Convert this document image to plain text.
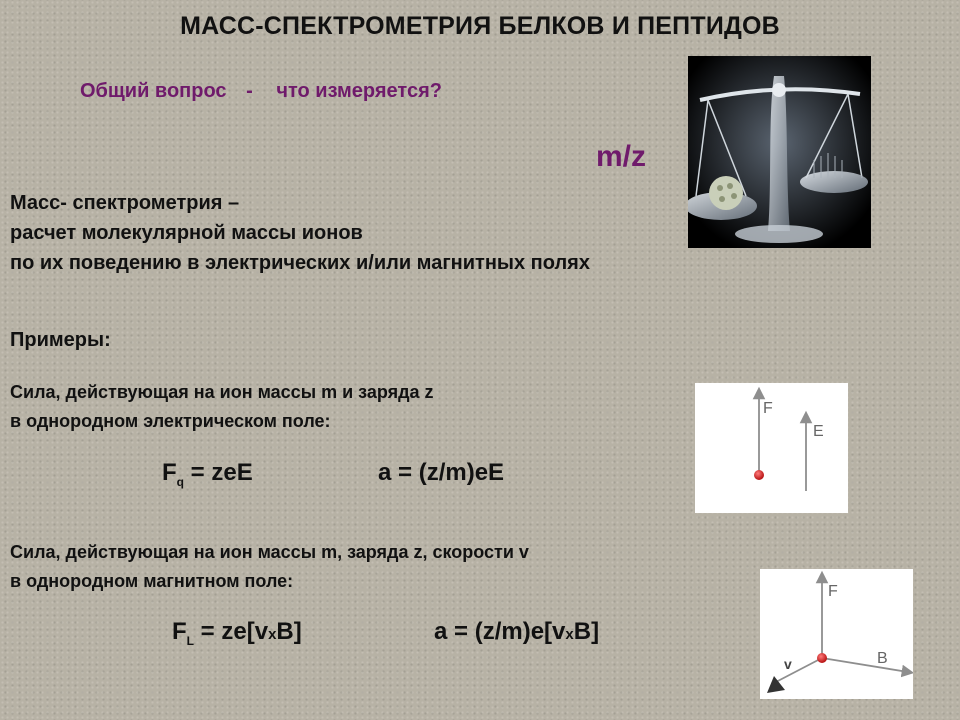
МАСС-СПЕКТРОМЕТРИЯ БЕЛКОВ И ПЕПТИДОВ
Общий вопрос - что измеряется?
m/z
Масс- спектрометрия –
расчет молекулярной массы ионов
по их поведению в электрических и/или магнитных полях
Примеры:
Сила, действующая на ион массы m и заряда z
в однородном электрическом поле:
$F_q$ = zeE	a = (z/m)eE
Сила, действующая на ион массы m, заряда z, скорости v
в однородном магнитном поле:
$F_L = ze[vxB]$	a = (z/m)e[vxB]
F
E
F
B
v
